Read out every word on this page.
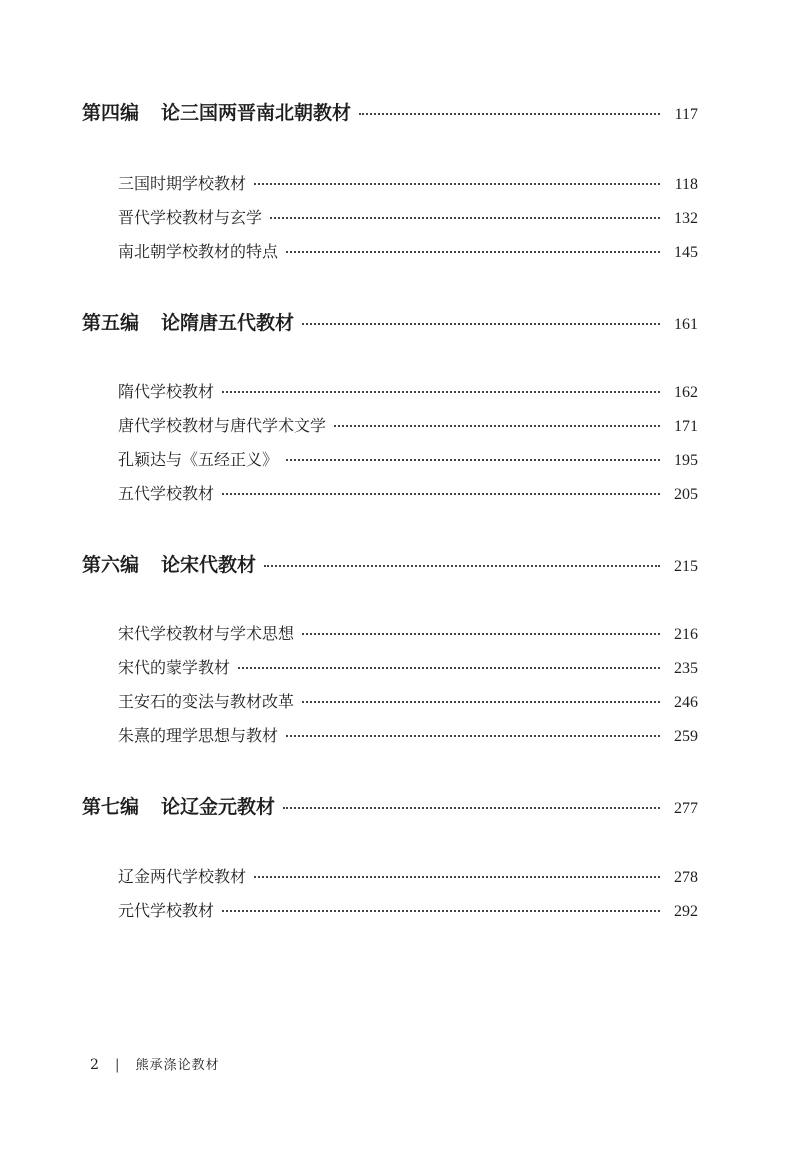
第四编 论三国两晋南北朝教材	117
三国时期学校教材	118
晋代学校教材与玄学	132
南北朝学校教材的特点	145
第五编 论隋唐五代教材	161
隋代学校教材	162
唐代学校教材与唐代学术文学	171
孔颖达与《五经正义》	195
五代学校教材	205
第六编 论宋代教材	215
宋代学校教材与学术思想	216
宋代的蒙学教材	235
王安石的变法与教材改革	246
朱熹的理学思想与教材	259
第七编 论辽金元教材	277
辽金两代学校教材	278
元代学校教材	292
2 | 熊承涤论教材
